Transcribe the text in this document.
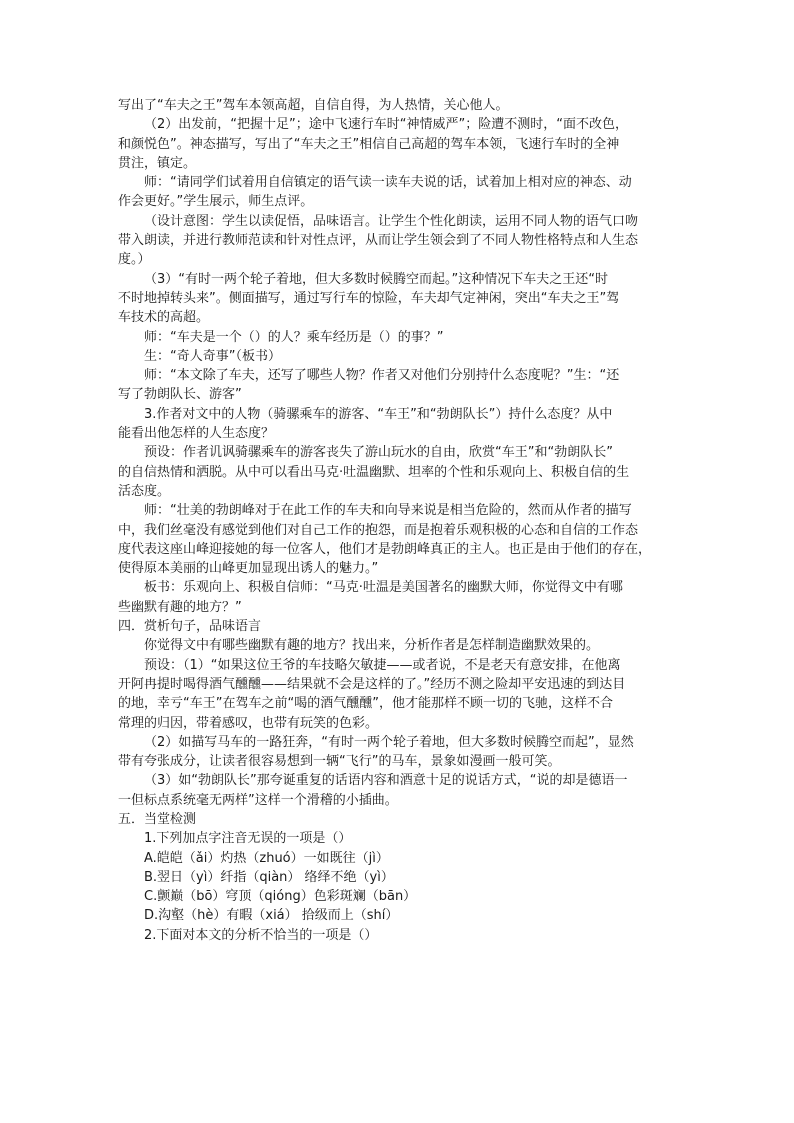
写出了“车夫之王”驾车本领高超，自信自得，为人热情，关心他人。
（2）出发前，“把握十足”；途中飞速行车时“神情威严”；险遭不测时，“面不改色，
和颜悦色”。神态描写，写出了“车夫之王”相信自己高超的驾车本领，飞速行车时的全神
贯注，镇定。
师：“请同学们试着用自信镇定的语气读一读车夫说的话，试着加上相对应的神态、动
作会更好。”学生展示，师生点评。
（设计意图：学生以读促悟，品味语言。让学生个性化朗读，运用不同人物的语气口吻
带入朗读，并进行教师范读和针对性点评，从而让学生领会到了不同人物性格特点和人生态
度。）
（3）“有时一两个轮子着地，但大多数时候腾空而起。”这种情况下车夫之王还“时
不时地掉转头来”。侧面描写，通过写行车的惊险，车夫却气定神闲，突出“车夫之王”驾
车技术的高超。
师：“车夫是一个（）的人？乘车经历是（）的事？”
生：“奇人奇事”（板书）
师：“本文除了车夫，还写了哪些人物？作者又对他们分别持什么态度呢？”生：“还
写了勃朗队长、游客”
3.作者对文中的人物（骑骡乘车的游客、“车王”和“勃朗队长”）持什么态度？从中
能看出他怎样的人生态度？
预设：作者讥讽骑骡乘车的游客丧失了游山玩水的自由，欣赏“车王”和“勃朗队长”
的自信热情和洒脱。从中可以看出马克·吐温幽默、坦率的个性和乐观向上、积极自信的生
活态度。
师：“壮美的勃朗峰对于在此工作的车夫和向导来说是相当危险的，然而从作者的描写
中，我们丝毫没有感觉到他们对自己工作的抱怨，而是抱着乐观积极的心态和自信的工作态
度代表这座山峰迎接她的每一位客人，他们才是勃朗峰真正的主人。也正是由于他们的存在，
使得原本美丽的山峰更加显现出诱人的魅力。”
板书：乐观向上、积极自信师：“马克·吐温是美国著名的幽默大师，你觉得文中有哪
些幽默有趣的地方？”
四．赏析句子，品味语言
你觉得文中有哪些幽默有趣的地方？找出来，分析作者是怎样制造幽默效果的。
预设：（1）“如果这位王爷的车技略欠敏捷——或者说，不是老天有意安排，在他离
开阿冉提时喝得酒气醺醺——结果就不会是这样的了。”经历不测之险却平安迅速的到达目
的地，幸亏“车王”在驾车之前“喝的酒气醺醺”，他才能那样不顾一切的飞驰，这样不合
常理的归因，带着感叹，也带有玩笑的色彩。
（2）如描写马车的一路狂奔，“有时一两个轮子着地，但大多数时候腾空而起”，显然
带有夸张成分，让读者很容易想到一辆“飞行”的马车，景象如漫画一般可笑。
（3）如“勃朗队长”那夸诞重复的话语内容和酒意十足的说话方式，“说的却是德语一
一但标点系统毫无两样”这样一个滑稽的小插曲。
五．当堂检测
1.下列加点字注音无误的一项是（）
A.皑皑（ǎi）灼热（zhuó）一如既往（jì）
B.翌日（yì）纤指（qiàn） 络绎不绝（yì）
C.颤巅（bō）穹顶（qióng）色彩斑斓（bān）
D.沟壑（hè）有暇（xiá） 拾级而上（shí）
2.下面对本文的分析不恰当的一项是（）
